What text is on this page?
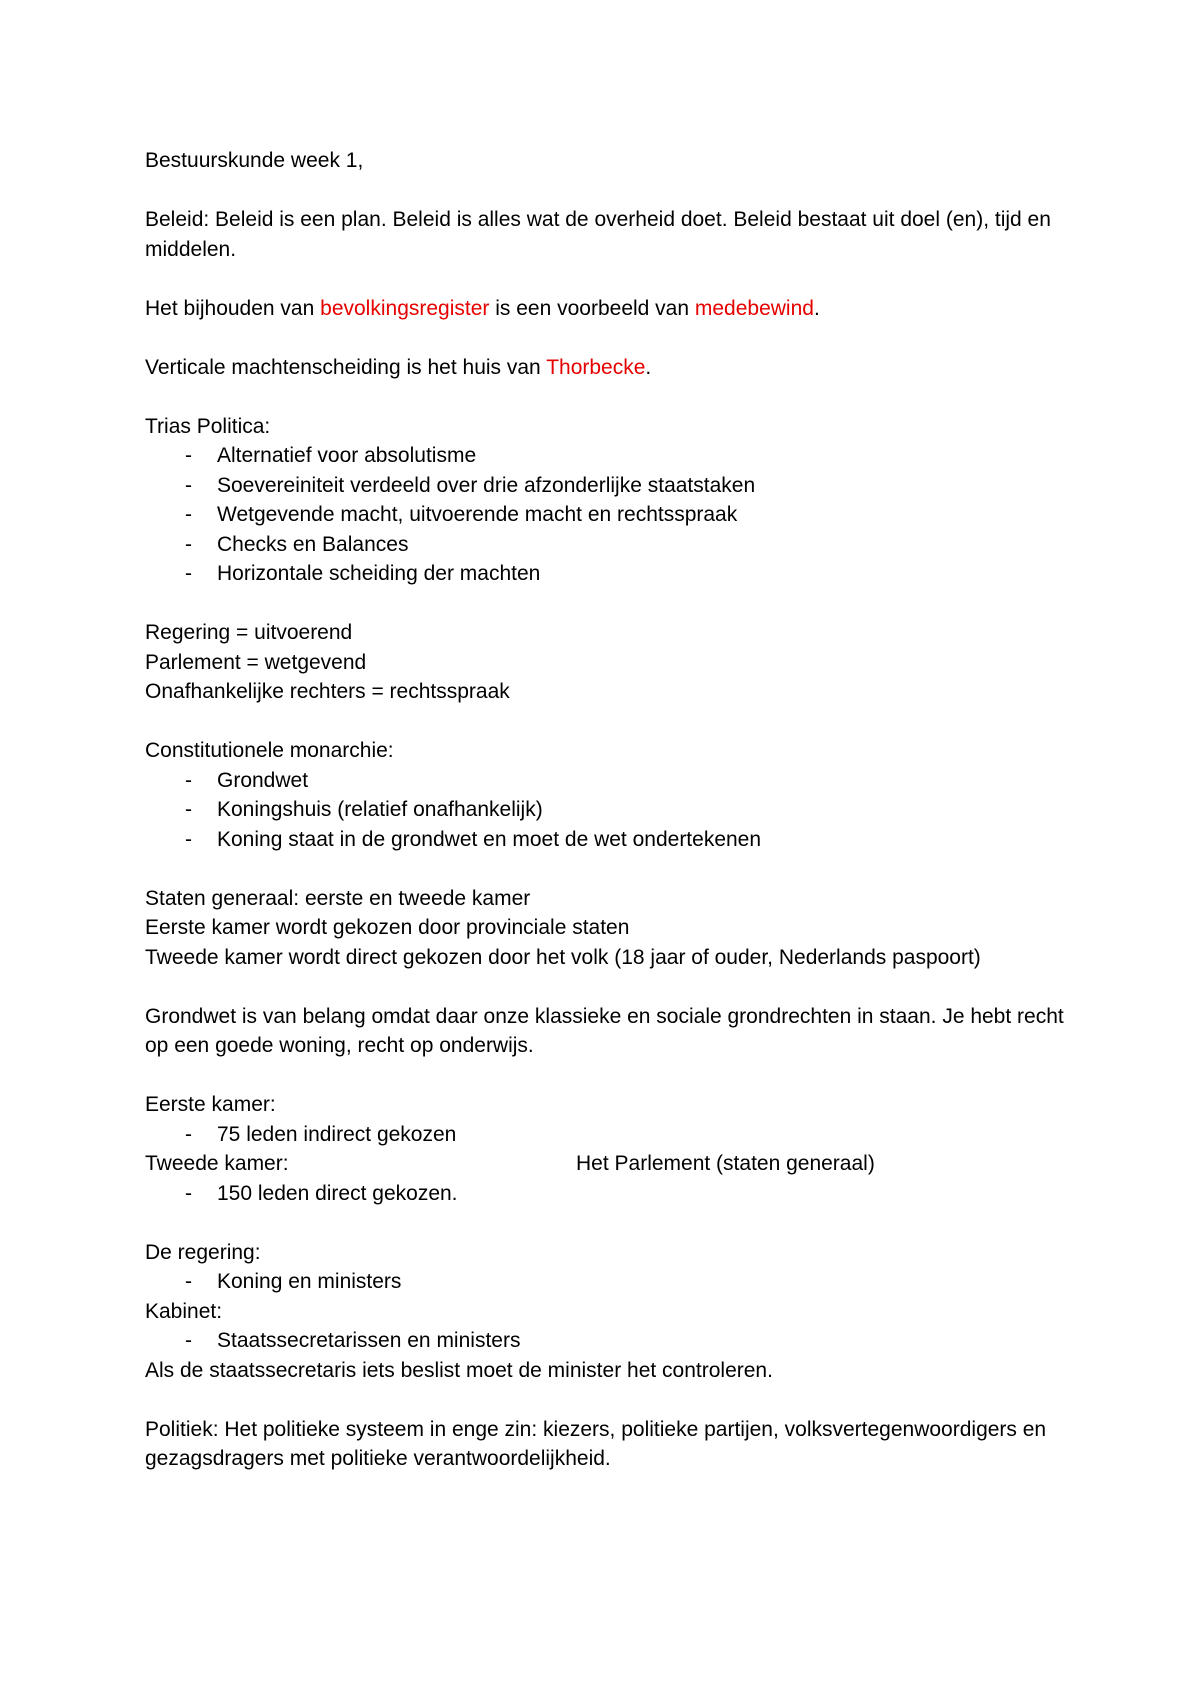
Bestuurskunde week 1,
Beleid: Beleid is een plan. Beleid is alles wat de overheid doet. Beleid bestaat uit doel (en), tijd en middelen.
Het bijhouden van bevolkingsregister is een voorbeeld van medebewind.
Verticale machtenscheiding is het huis van Thorbecke.
Trias Politica:
- Alternatief voor absolutisme
- Soevereiniteit verdeeld over drie afzonderlijke staatstaken
- Wetgevende macht, uitvoerende macht en rechtsspraak
- Checks en Balances
- Horizontale scheiding der machten
Regering = uitvoerend
Parlement = wetgevend
Onafhankelijke rechters = rechtsspraak
Constitutionele monarchie:
- Grondwet
- Koningshuis (relatief onafhankelijk)
- Koning staat in de grondwet en moet de wet ondertekenen
Staten generaal: eerste en tweede kamer
Eerste kamer wordt gekozen door provinciale staten
Tweede kamer wordt direct gekozen door het volk (18 jaar of ouder, Nederlands paspoort)
Grondwet is van belang omdat daar onze klassieke en sociale grondrechten in staan. Je hebt recht op een goede woning, recht op onderwijs.
Eerste kamer:
- 75 leden indirect gekozen
Tweede kamer:	Het Parlement (staten generaal)
- 150 leden direct gekozen.
De regering:
- Koning en ministers
Kabinet:
- Staatssecretarissen en ministers
Als de staatssecretaris iets beslist moet de minister het controleren.
Politiek: Het politieke systeem in enge zin: kiezers, politieke partijen, volksvertegenwoordigers en gezagsdragers met politieke verantwoordelijkheid.
